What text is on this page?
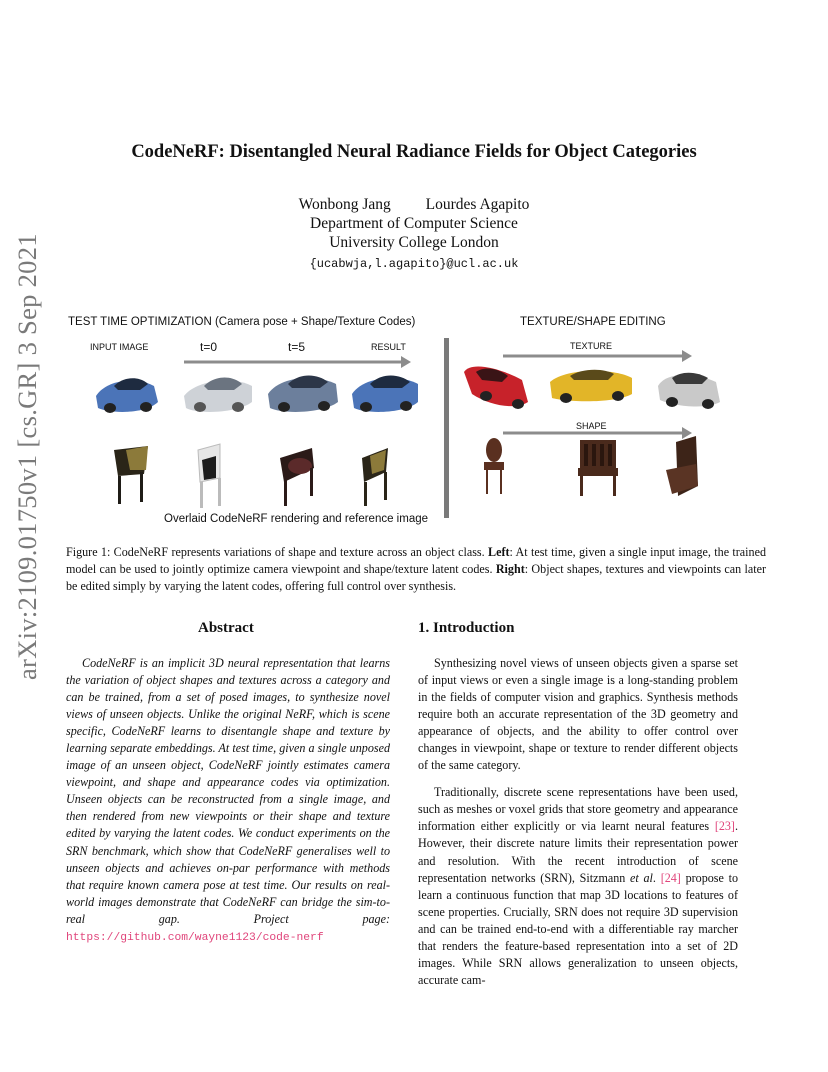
arXiv:2109.01750v1 [cs.GR] 3 Sep 2021
CodeNeRF: Disentangled Neural Radiance Fields for Object Categories
Wonbong Jang         Lourdes Agapito
Department of Computer Science
University College London
{ucabwja,l.agapito}@ucl.ac.uk
TEST TIME OPTIMIZATION (Camera pose + Shape/Texture Codes)
INPUT IMAGE	t=0	t=5	RESULT
Overlaid CodeNeRF rendering and reference image
TEXTURE/SHAPE EDITING
TEXTURE
SHAPE
Figure 1: CodeNeRF represents variations of shape and texture across an object class. Left: At test time, given a single input image, the trained model can be used to jointly optimize camera viewpoint and shape/texture latent codes. Right: Object shapes, textures and viewpoints can later be edited simply by varying the latent codes, offering full control over synthesis.
Abstract

CodeNeRF is an implicit 3D neural representation that learns the variation of object shapes and textures across a category and can be trained, from a set of posed images, to synthesize novel views of unseen objects. Unlike the original NeRF, which is scene specific, CodeNeRF learns to disentangle shape and texture by learning separate embeddings. At test time, given a single unposed image of an unseen object, CodeNeRF jointly estimates camera viewpoint, and shape and appearance codes via optimization. Unseen objects can be reconstructed from a single image, and then rendered from new viewpoints or their shape and texture edited by varying the latent codes. We conduct experiments on the SRN benchmark, which show that CodeNeRF generalises well to unseen objects and achieves on-par performance with methods that require known camera pose at test time. Our results on real-world images demonstrate that CodeNeRF can bridge the sim-to-real gap. Project page: https://github.com/wayne1123/code-nerf

1. Introduction

Synthesizing novel views of unseen objects given a sparse set of input views or even a single image is a long-standing problem in the fields of computer vision and graphics. Synthesis methods require both an accurate representation of the 3D geometry and appearance of objects, and the ability to offer control over changes in viewpoint, shape or texture to render different objects of the same category.

Traditionally, discrete scene representations have been used, such as meshes or voxel grids that store geometry and appearance information either explicitly or via learnt neural features [23]. However, their discrete nature limits their representation power and resolution. With the recent introduction of scene representation networks (SRN), Sitzmann et al. [24] propose to learn a continuous function that map 3D locations to features of scene properties. Crucially, SRN does not require 3D supervision and can be trained end-to-end with a differentiable ray marcher that renders the feature-based representation into a set of 2D images. While SRN allows generalization to unseen objects, accurate cam-
